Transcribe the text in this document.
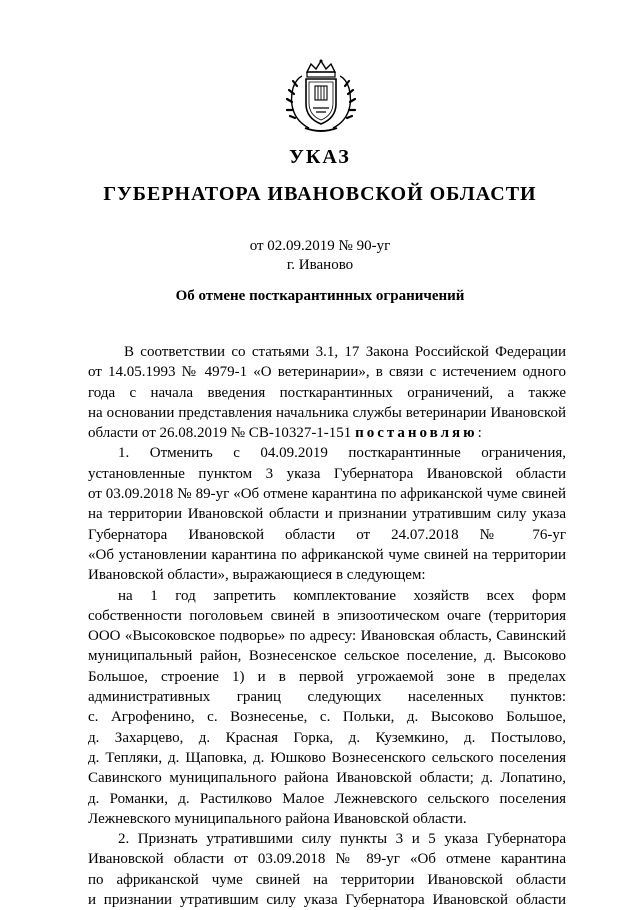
УКАЗ
ГУБЕРНАТОРА ИВАНОВСКОЙ ОБЛАСТИ
от 02.09.2019 № 90-уг
г. Иваново
Об отмене посткарантинных ограничений
В соответствии со статьями 3.1, 17 Закона Российской Федерации
от 14.05.1993 № 4979-1 «О ветеринарии», в связи с истечением одного
года с начала введения посткарантинных ограничений, а также
на основании представления начальника службы ветеринарии Ивановской
области от 26.08.2019 № СВ-10327-1-151 постановляю:
1. Отменить с 04.09.2019 посткарантинные ограничения,
установленные пунктом 3 указа Губернатора Ивановской области
от 03.09.2018 № 89-уг «Об отмене карантина по африканской чуме свиней
на территории Ивановской области и признании утратившим силу указа
Губернатора Ивановской области от 24.07.2018 № 76-уг
«Об установлении карантина по африканской чуме свиней на территории
Ивановской области», выражающиеся в следующем:
на 1 год запретить комплектование хозяйств всех форм
собственности поголовьем свиней в эпизоотическом очаге (территория
ООО «Высоковское подворье» по адресу: Ивановская область, Савинский
муниципальный район, Вознесенское сельское поселение, д. Высоково
Большое, строение 1) и в первой угрожаемой зоне в пределах
административных границ следующих населенных пунктов:
с. Агрофенино, с. Вознесенье, с. Польки, д. Высоково Большое,
д. Захарцево, д. Красная Горка, д. Куземкино, д. Постылово,
д. Тепляки, д. Щаповка, д. Юшково Вознесенского сельского поселения
Савинского муниципального района Ивановской области; д. Лопатино,
д. Романки, д. Растилково Малое Лежневского сельского поселения
Лежневского муниципального района Ивановской области.
2. Признать утратившими силу пункты 3 и 5 указа Губернатора
Ивановской области от 03.09.2018 № 89-уг «Об отмене карантина
по африканской чуме свиней на территории Ивановской области
и признании утратившим силу указа Губернатора Ивановской области
